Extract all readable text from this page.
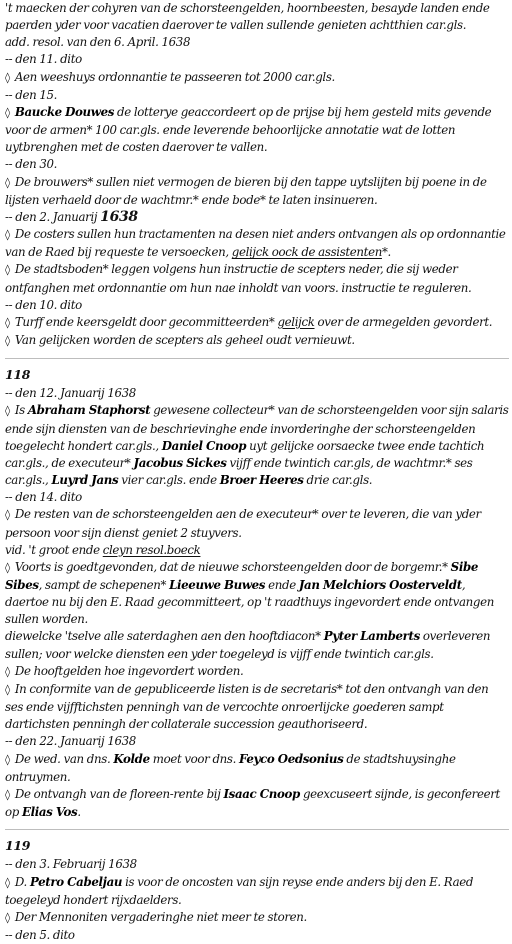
't maecken der cohyren van de schorsteengelden, hoornbeesten, besayde landen ende paerden yder voor vacatien daerover te vallen sullende genieten achtthien car.gls.
add. resol. van den 6. April. 1638
-- den 11. dito
◊ Aen weeshuys ordonnantie te passeeren tot 2000 car.gls.
-- den 15.
◊ Baucke Douwes de lotterye geaccordeert op de prijse bij hem gesteld mits gevende voor de armen* 100 car.gls. ende leverende behoorlijcke annotatie wat de lotten uytbrenghen met de costen daerover te vallen.
-- den 30.
◊ De brouwers* sullen niet vermogen de bieren bij den tappe uytslijten bij poene in de lijsten verhaeld door de wachtmr.* ende bode* te laten insinueren.
-- den 2. Januarij 1638
◊ De costers sullen hun tractamenten na desen niet anders ontvangen als op ordonnantie van de Raed bij requeste te versoecken, gelijck oock de assistenten*.
◊ De stadtsboden* leggen volgens hun instructie de scepters neder, die sij weder ontfanghen met ordonnantie om hun nae inholdt van voors. instructie te reguleren.
-- den 10. dito
◊ Turff ende keersgeldt door gecommitteerden* gelijck over de armegelden gevordert.
◊ Van gelijcken worden de scepters als geheel oudt vernieuwt.
118
-- den 12. Januarij 1638
◊ Is Abraham Staphorst gewesene collecteur* van de schorsteengelden voor sijn salaris ende sijn diensten van de beschrievinghe ende invorderinghe der schorsteengelden toegelecht hondert car.gls., Daniel Cnoop uyt gelijcke oorsaecke twee ende tachtich car.gls., de executeur* Jacobus Sickes vijff ende twintich car.gls, de wachtmr.* ses car.gls., Luyrd Jans vier car.gls. ende Broer Heeres drie car.gls.
-- den 14. dito
◊ De resten van de schorsteengelden aen de executeur* over te leveren, die van yder persoon voor sijn dienst geniet 2 stuyvers.
vid. 't groot ende cleyn resol.boeck
◊ Voorts is goedtgevonden, dat de nieuwe schorsteengelden door de borgemr.* Sibe Sibes, sampt de schepenen* Lieeuwe Buwes ende Jan Melchiors Oosterveldt, daertoe nu bij den E. Raad gecommitteert, op 't raadthuys ingevordert ende ontvangen sullen worden.
diewelcke 'tselve alle saterdaghen aen den hooftdiacon* Pyter Lamberts overleveren sullen; voor welcke diensten een yder toegeleyd is vijff ende twintich car.gls.
◊ De hooftgelden hoe ingevordert worden.
◊ In conformite van de gepubliceerde listen is de secretaris* tot den ontvangh van den ses ende vijfftichsten penningh van de vercochte onroerlijcke goederen sampt dartichsten penningh der collaterale succession geauthoriseerd.
-- den 22. Januarij 1638
◊ De wed. van dns. Kolde moet voor dns. Feyco Oedsonius de stadtshuysinghe ontruymen.
◊ De ontvangh van de floreen-rente bij Isaac Cnoop geexcuseert sijnde, is geconfereert op Elias Vos.
119
-- den 3. Februarij 1638
◊ D. Petro Cabeljau is voor de oncosten van sijn reyse ende anders bij den E. Raed toegeleyd hondert rijxdaelders.
◊ Der Mennoniten vergaderinghe niet meer te storen.
-- den 5. dito
